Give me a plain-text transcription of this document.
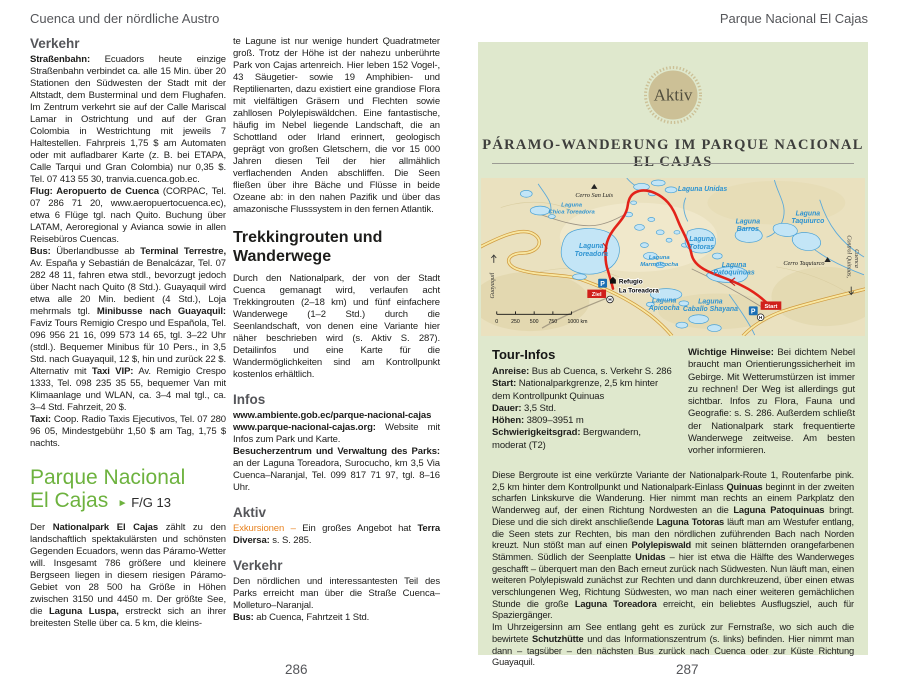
Cuenca und der nördliche Austro
Verkehr

Straßenbahn: Ecuadors heute einzige Straßenbahn verbindet ca. alle 15 Min. über 20 Stationen den Südwesten der Stadt mit der Altstadt, dem Busterminal und dem Flughafen. Im Zentrum verkehrt sie auf der Calle Mariscal Lamar in Ostrichtung und auf der Gran Colombia in Westrichtung mit jeweils 7 Haltestellen. Fahrpreis 1,75 $ am Automaten oder mit aufladbarer Karte (z. B. bei ETAPA, Calle Tarqui und Gran Colombia) nur 0,35 $. Tel. 07 413 55 30, tranvia.cuenca.gob.ec.

Flug: Aeropuerto de Cuenca (CORPAC, Tel. 07 286 71 20, www.aeropuertocuenca.ec), etwa 6 Flüge tgl. nach Quito. Buchung über LATAM, Aeroregional y Avianca sowie in allen Reisebüros Cuencas.

Bus: Überlandbusse ab Terminal Terrestre, Av. España y Sebastián de Benalcázar, Tel. 07 282 48 11, fahren etwa stdl., bevorzugt jedoch über Nacht nach Quito (8 Std.). Guayaquil wird etwa alle 20 Min. bedient (4 Std.), Loja mehrmals tgl. Minibusse nach Guayaquil: Faviz Tours Remigio Crespo und Española, Tel. 096 956 21 16, 099 573 14 65, tgl. 3–22 Uhr (stdl.). Bequemer Minibus für 10 Pers., in 3,5 Std. nach Guayaquil, 12 $, hin und zurück 22 $. Alternativ mit Taxi VIP: Av. Remigio Crespo 1333, Tel. 098 235 35 55, bequemer Van mit Klimaanlage und WLAN, ca. 3–4 mal tgl., ca. 3–4 Std. Fahrzeit, 20 $.

Taxi: Coop. Radio Taxis Ejecutivos, Tel. 07 280 96 05, Mindestgebühr 1,50 $ am Tag, 1,75 $ nachts.

Parque Nacional
El Cajas ► F/G 13

Der Nationalpark El Cajas zählt zu den landschaftlich spektakulärsten und schönsten Gegenden Ecuadors, wenn das Páramo-Wetter will. Insgesamt 786 größere und kleinere Bergseen liegen in diesem riesigen Páramo-Gebiet von 28 500 ha Größe in Höhen zwischen 3150 und 4450 m. Der größte See, die Laguna Luspa, erstreckt sich an ihrer breitesten Stelle über ca. 5 km, die kleins-

te Lagune ist nur wenige hundert Quadratmeter groß. Trotz der Höhe ist der nahezu unberührte Park von Cajas artenreich. Hier leben 152 Vogel-, 43 Säugetier- sowie 19 Amphibien- und Reptilienarten, dazu existiert eine grandiose Flora mit vielfältigen Gräsern und Flechten sowie zahllosen Polylepiswäldchen. Eine fantastische, häufig im Nebel liegende Landschaft, die an Schottland oder Irland erinnert, geologisch geprägt von großen Gletschern, die vor 15 000 Jahren diesen Teil der hier allmählich verflachenden Anden abschliffen. Die Seen fließen über ihre Bäche und Flüsse in beide Ozeane ab: in den nahen Pazifik und über das amazonische Flusssystem in den fernen Atlantik.

Trekkingrouten und
Wanderwege

Durch den Nationalpark, der von der Stadt Cuenca gemanagt wird, verlaufen acht Trekkingrouten (2–18 km) und fünf einfachere Wanderwege (1–2 Std.) durch die Seenlandschaft, von denen eine Variante hier näher beschrieben wird (s. Aktiv S. 287). Detailinfos und eine Karte für die Wandermöglichkeiten sind am Kontrollpunkt kostenlos erhältlich.

Infos

www.ambiente.gob.ec/parque-nacional-cajas

www.parque-nacional-cajas.org: Website mit Infos zum Park und Karte.

Besucherzentrum und Verwaltung des Parks: an der Laguna Toreadora, Surocucho, km 3,5 Via Cuenca–Naranjal, Tel. 099 817 71 97, tgl. 8–16 Uhr.

Aktiv

Exkursionen – Ein großes Angebot hat Terra Diversa: s. S. 285.

Verkehr

Den nördlichen und interessantesten Teil des Parks erreicht man über die Straße Cuenca–Molleturo–Naranjal.

Bus: ab Cuenca, Fahrtzeit 1 Std.

286
Parque Nacional El Cajas
Aktiv
PÁRAMO-WANDERUNG IM PARQUE NACIONAL EL CAJAS
Cerro San Luis
Cerro Taquiurco
Laguna
Toreadora
Laguna
Chica Toreadora
Laguna Unidas
Laguna
Marmolcocha
Laguna
Totoras
Laguna
Patoquinuas
Laguna
Barros
Laguna
Taquiurco
Laguna
Apicocha
Laguna
Caballo Shayana
Guayaquil
Control Quinuas, Cuenca
P Refugio
La Toreadora
Ziel
H
Start
P
H
0 250 500 750 1000 km
Tour-Infos

Anreise: Bus ab Cuenca, s. Verkehr S. 286

Start: Nationalparkgrenze, 2,5 km hinter dem Kontrollpunkt Quinuas

Dauer: 3,5 Std.

Höhen: 3809–3951 m

Schwierigkeitsgrad: Bergwandern, moderat (T2)

Wichtige Hinweise: Bei dichtem Nebel braucht man Orientierungssicherheit im Gebirge. Mit Wetterumstürzen ist immer zu rechnen! Der Weg ist allerdings gut sichtbar. Infos zu Flora, Fauna und Geografie: s. S. 286. Außerdem schließt der Nationalpark stark frequentierte Wanderwege zeitweise. Am besten vorher informieren.

Diese Bergroute ist eine verkürzte Variante der Nationalpark-Route 1, Routenfarbe pink. 2,5 km hinter dem Kontrollpunkt und Nationalpark-Einlass Quinuas beginnt in der zweiten scharfen Linkskurve die Wanderung. Hier nimmt man rechts an einem Parkplatz den Wanderweg auf, der einen Richtung Nordwesten an die Laguna Patoquinuas bringt. Diese und die sich direkt anschließende Laguna Totoras läuft man am Westufer entlang, die Seen stets zur Rechten, bis man den nördlichen zuführenden Bach nach Norden kreuzt. Nun stößt man auf einen Polylepiswald mit seinen blätternden orangefarbenen Stämmen. Südlich der Seenplatte Unidas – hier ist etwa die Hälfte des Wanderweges geschafft – überquert man den Bach erneut zurück nach Südwesten. Nun läuft man, einen weiteren Polylepiswald zunächst zur Rechten und dann durchkreuzend, über einen etwas verschlungenen Weg, Richtung Südwesten, wo man nach einer weiteren gemächlichen Stunde die große Laguna Toreadora erreicht, ein beliebtes Ausflugsziel, auch für Spaziergänger.

Im Uhrzeigersinn am See entlang geht es zurück zur Fernstraße, wo sich auch die bewirtete Schutzhütte und das Informationszentrum (s. links) befinden. Hier nimmt man dann – tagsüber – den nächsten Bus zurück nach Cuenca oder zur Küste Richtung Guayaquil.	287
